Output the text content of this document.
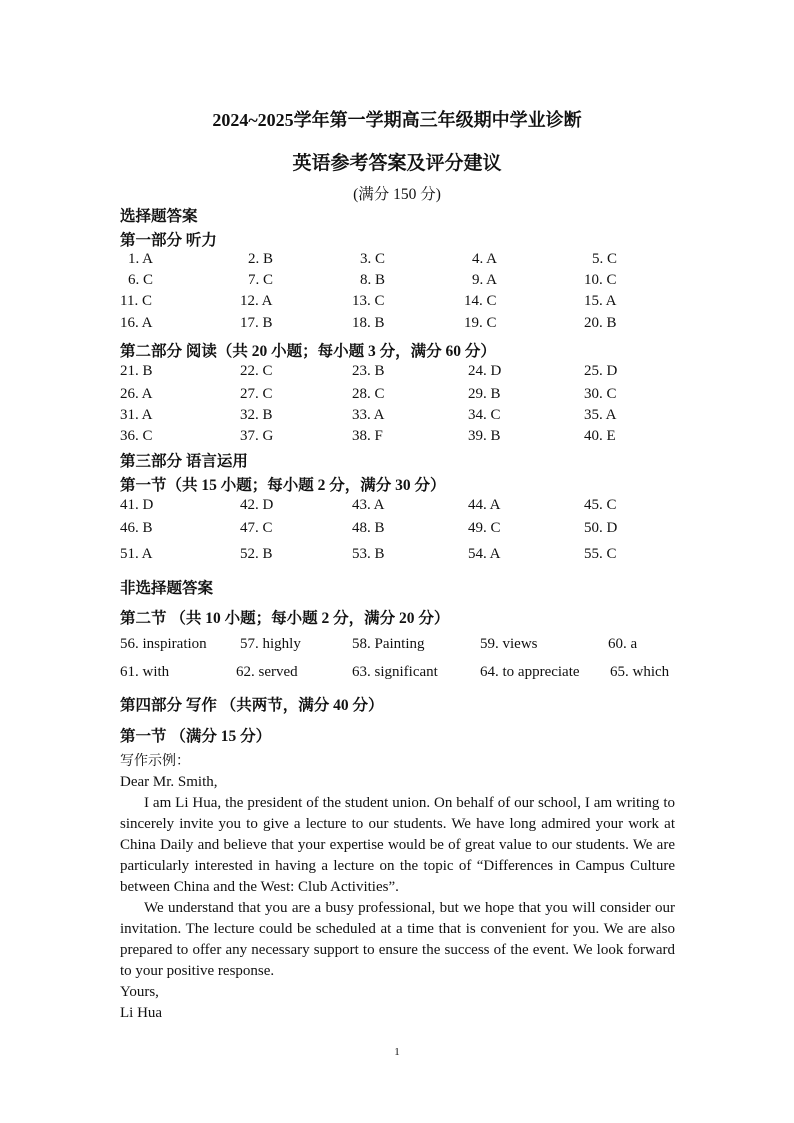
2024~2025学年第一学期高三年级期中学业诊断
英语参考答案及评分建议
(满分 150 分)
选择题答案
第一部分 听力
1. A	2. B	3. C	4. A	5. C
6. C	7. C	8. B	9. A	10. C
11. C	12. A	13. C	14. C	15. A
16. A	17. B	18. B	19. C	20. B
第二部分 阅读（共 20 小题；每小题 3 分，满分 60 分）
21. B	22. C	23. B	24. D	25. D
26. A	27. C	28. C	29. B	30. C
31. A	32. B	33. A	34. C	35. A
36. C	37. G	38. F	39. B	40. E
第三部分 语言运用
第一节（共 15 小题；每小题 2 分，满分 30 分）
41. D	42. D	43. A	44. A	45. C
46. B	47. C	48. B	49. C	50. D
51. A	52. B	53. B	54. A	55. C
非选择题答案
第二节 （共 10 小题；每小题 2 分，满分 20 分）
56. inspiration 57. highly	58. Painting	59. views	60. a
61. with	62. served	63. significant	64. to appreciate 65. which
第四部分 写作 （共两节，满分 40 分）
第一节 （满分 15 分）

写作示例：

Dear Mr. Smith,

I am Li Hua, the president of the student union. On behalf of our school, I am writing to sincerely invite you to give a lecture to our students. We have long admired your work at China Daily and believe that your expertise would be of great value to our students. We are particularly interested in having a lecture on the topic of “Differences in Campus Culture between China and the West: Club Activities”.

We understand that you are a busy professional, but we hope that you will consider our invitation. The lecture could be scheduled at a time that is convenient for you. We are also prepared to offer any necessary support to ensure the success of the event. We look forward to your positive response.

Yours,

Li Hua

1
